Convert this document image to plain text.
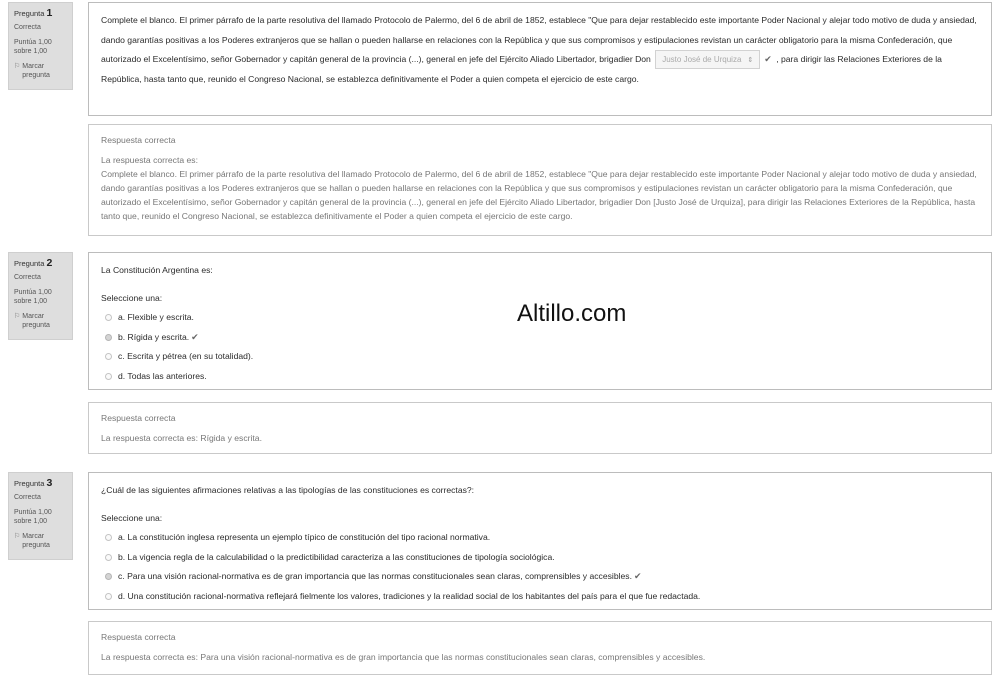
Pregunta 1
Correcta
Puntúa 1,00 sobre 1,00
⚐ Marcar pregunta
Complete el blanco. El primer párrafo de la parte resolutiva del llamado Protocolo de Palermo, del 6 de abril de 1852, establece "Que para dejar restablecido este importante Poder Nacional y alejar todo motivo de duda y ansiedad, dando garantías positivas a los Poderes extranjeros que se hallan o pueden hallarse en relaciones con la República y que sus compromisos y estipulaciones revistan un carácter obligatorio para la misma Confederación, que autorizado el Excelentísimo, señor Gobernador y capitán general de la provincia (...), general en jefe del Ejército Aliado Libertador, brigadier Don Justo José de Urquiza ⇕ ✔ , para dirigir las Relaciones Exteriores de la República, hasta tanto que, reunido el Congreso Nacional, se establezca definitivamente el Poder a quien competa el ejercicio de este cargo.
Respuesta correcta
La respuesta correcta es:
Complete el blanco. El primer párrafo de la parte resolutiva del llamado Protocolo de Palermo, del 6 de abril de 1852, establece "Que para dejar restablecido este importante Poder Nacional y alejar todo motivo de duda y ansiedad, dando garantías positivas a los Poderes extranjeros que se hallan o pueden hallarse en relaciones con la República y que sus compromisos y estipulaciones revistan un carácter obligatorio para la misma Confederación, que autorizado el Excelentísimo, señor Gobernador y capitán general de la provincia (...), general en jefe del Ejército Aliado Libertador, brigadier Don [Justo José de Urquiza], para dirigir las Relaciones Exteriores de la República, hasta tanto que, reunido el Congreso Nacional, se establezca definitivamente el Poder a quien competa el ejercicio de este cargo.
Pregunta 2
Correcta
Puntúa 1,00 sobre 1,00
⚐ Marcar pregunta
La Constitución Argentina es:
Seleccione una:
a. Flexible y escrita.
b. Rígida y escrita. ✔
c. Escrita y pétrea (en su totalidad).
d. Todas las anteriores.
Respuesta correcta
La respuesta correcta es: Rígida y escrita.
Pregunta 3
Correcta
Puntúa 1,00 sobre 1,00
⚐ Marcar pregunta
¿Cuál de las siguientes afirmaciones relativas a las tipologías de las constituciones es correctas?:
Seleccione una:
a. La constitución inglesa representa un ejemplo típico de constitución del tipo racional normativa.
b. La vigencia regla de la calculabilidad o la predictibilidad caracteriza a las constituciones de tipología sociológica.
c. Para una visión racional-normativa es de gran importancia que las normas constitucionales sean claras, comprensibles y accesibles. ✔
d. Una constitución racional-normativa reflejará fielmente los valores, tradiciones y la realidad social de los habitantes del país para el que fue redactada.
Respuesta correcta
La respuesta correcta es: Para una visión racional-normativa es de gran importancia que las normas constitucionales sean claras, comprensibles y accesibles.
Altillo.com
